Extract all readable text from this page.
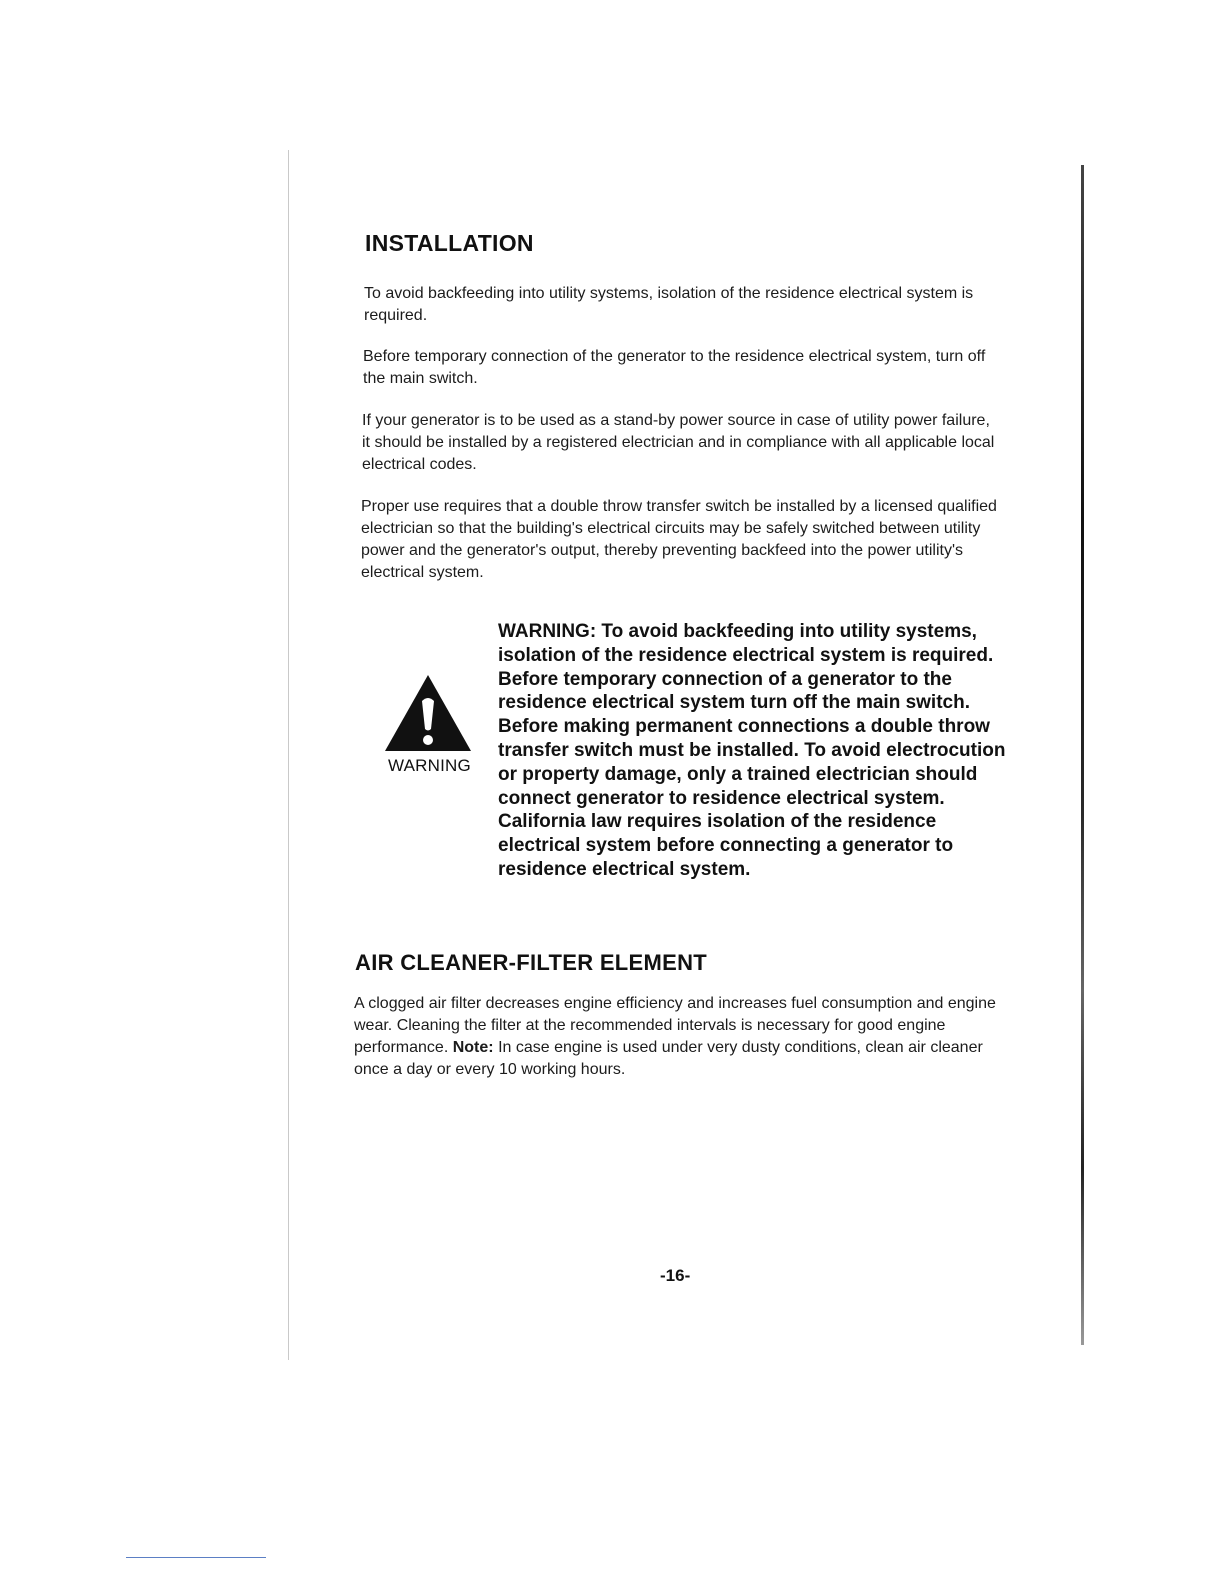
INSTALLATION

To avoid backfeeding into utility systems, isolation of the residence electrical system is required.

Before temporary connection of the generator to the residence electrical system, turn off the main switch.

If your generator is to be used as a stand-by power source in case of utility power failure, it should be installed by a registered electrician and in compliance with all applicable local electrical codes.

Proper use requires that a double throw transfer switch be installed by a licensed qualified electrician so that the building's electrical circuits may be safely switched between utility power and the generator's output, thereby preventing backfeed into the power utility's electrical system.

WARNING

WARNING: To avoid backfeeding into utility systems, isolation of the residence electrical system is required. Before temporary connection of a generator to the residence electrical system turn off the main switch. Before making permanent connections a double throw transfer switch must be installed. To avoid electrocution or property damage, only a trained electrician should connect generator to residence electrical system. California law requires isolation of the residence electrical system before connecting a generator to residence electrical system.

AIR CLEANER-FILTER ELEMENT

A clogged air filter decreases engine efficiency and increases fuel consumption and engine wear. Cleaning the filter at the recommended intervals is necessary for good engine performance. Note: In case engine is used under very dusty conditions, clean air cleaner once a day or every 10 working hours.

-16-
